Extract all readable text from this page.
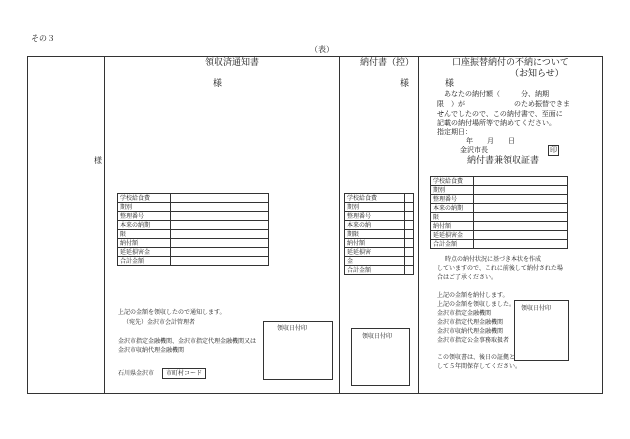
その３
（表）
様
領収済通知書
様
学校給食費	
期別	
整理番号	
本来の納期	
限	
納付額	
延延損害金	
合計金額	
上記の金額を領収したので通知します。
（宛先）金沢市会計管理者
金沢市指定金融機関、金沢市指定代理金融機関又は
金沢市収納代理金融機関
石川県金沢市	市町村コード
領収日付印
納付書（控）
様
学校給食費	
期別	
整理番号	
本来の納	
期限	
納付額	
延延損害	
金	
合計金額	
領収日付印
口座振替納付の不納について
（お知らせ）
様
あなたの納付額（　　　分、納期
限　）が　　　　　　　のため振替できま
せんでしたので、この納付書で、至面に
記載の納付場所等で納めてください。
指定期日：
年　　月　　日
金沢市長	印
納付書兼領収証書
学校給食費	
期別	
整理番号	
本来の納期	
限	
納付額	
延延損害金	
合計金額	
時点の納付状況に基づき本状を作成
していますので、これに前後して納付された場
合はご了承ください。
上記の金額を納付します。
上記の金額を領収しました。
金沢市指定金融機関
金沢市指定代理金融機関
金沢市収納代理金融機関
金沢市指定公金事務取扱者
この領収書は、後日の証拠と
して５年間保存してください。
領収日付印
